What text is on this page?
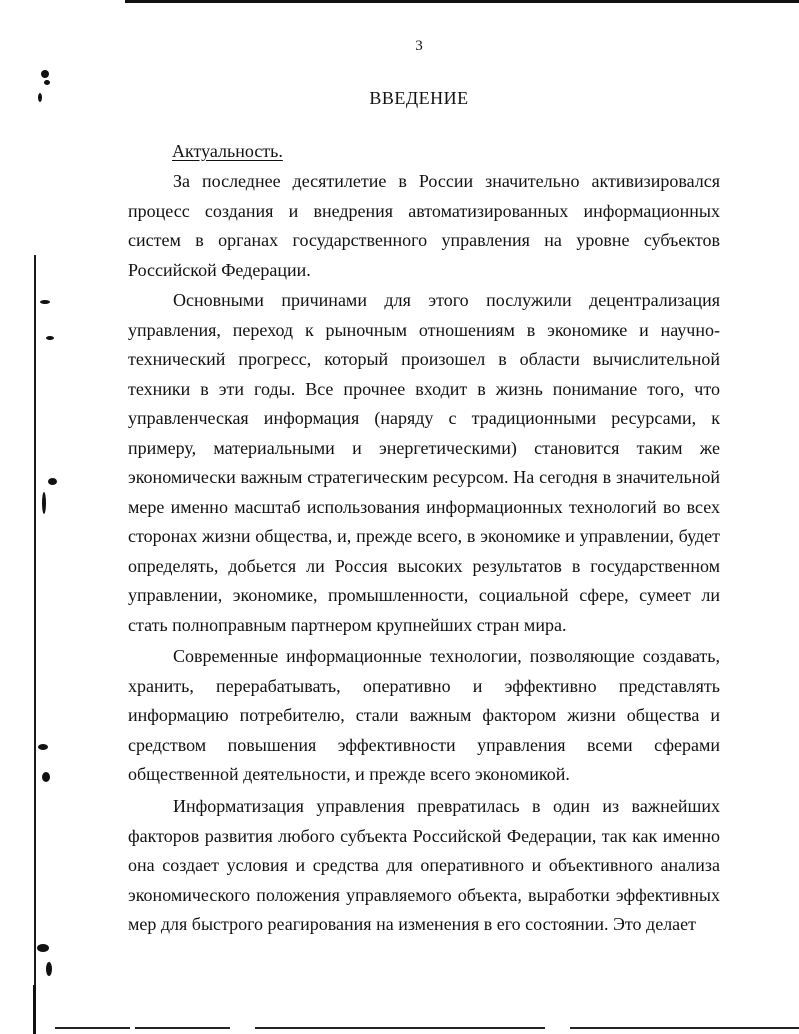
3
ВВЕДЕНИЕ
Актуальность.

За последнее десятилетие в России значительно активизировался процесс создания и внедрения автоматизированных информационных систем в органах государственного управления на уровне субъектов Российской Федерации.

Основными причинами для этого послужили децентрализация управления, переход к рыночным отношениям в экономике и научно-технический прогресс, который произошел в области вычислительной техники в эти годы. Все прочнее входит в жизнь понимание того, что управленческая информация (наряду с традиционными ресурсами, к примеру, материальными и энергетическими) становится таким же экономически важным стратегическим ресурсом. На сегодня в значительной мере именно масштаб использования информационных технологий во всех сторонах жизни общества, и, прежде всего, в экономике и управлении, будет определять, добьется ли Россия высоких результатов в государственном управлении, экономике, промышленности, социальной сфере, сумеет ли стать полноправным партнером крупнейших стран мира.

Современные информационные технологии, позволяющие создавать, хранить, перерабатывать, оперативно и эффективно представлять информацию потребителю, стали важным фактором жизни общества и средством повышения эффективности управления всеми сферами общественной деятельности, и прежде всего экономикой.

Информатизация управления превратилась в один из важнейших факторов развития любого субъекта Российской Федерации, так как именно она создает условия и средства для оперативного и объективного анализа экономического положения управляемого объекта, выработки эффективных мер для быстрого реагирования на изменения в его состоянии. Это делает
